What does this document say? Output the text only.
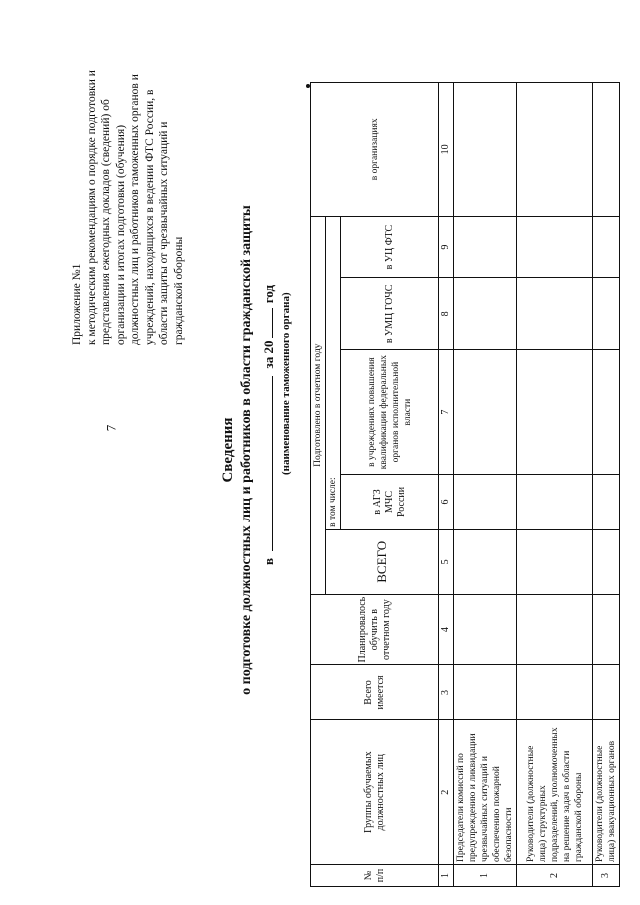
7
Приложение №1 к методическим рекомендациям о порядке подготовки и представления ежегодных докладов (сведений) об организации и итогах подготовки (обучения) должностных лиц и работников таможенных органов и учреждений, находящихся в ведении ФТС России, в области защиты от чрезвычайных ситуаций и гражданской обороны
Сведения о подготовке должностных лиц и работников в области гражданской защиты в  за 20 год (наименование таможенного органа)
№ п/п	Группы обучаемых должностных лиц	Всего имеется	Планировалось обучить в отчетном году	Подготовлено в отчетном году					в организациях
				ВСЕГО	в том числе:				
					в АГЗ МЧС России	в учреждениях повышения квалификации федеральных органов исполнительной власти	в УМЦ ГОЧС	в УЦ ФТС	
1	2	3	4	5	6	7	8	9	10
1	Председатели комиссий по предупреждению и ликвидации чрезвычайных ситуаций и обеспечению пожарной безопасности								
2	Руководители (должностные лица) структурных подразделений, уполномоченных на решение задач в области гражданской обороны								
3	Руководители (должностные лица) эвакуационных органов								
